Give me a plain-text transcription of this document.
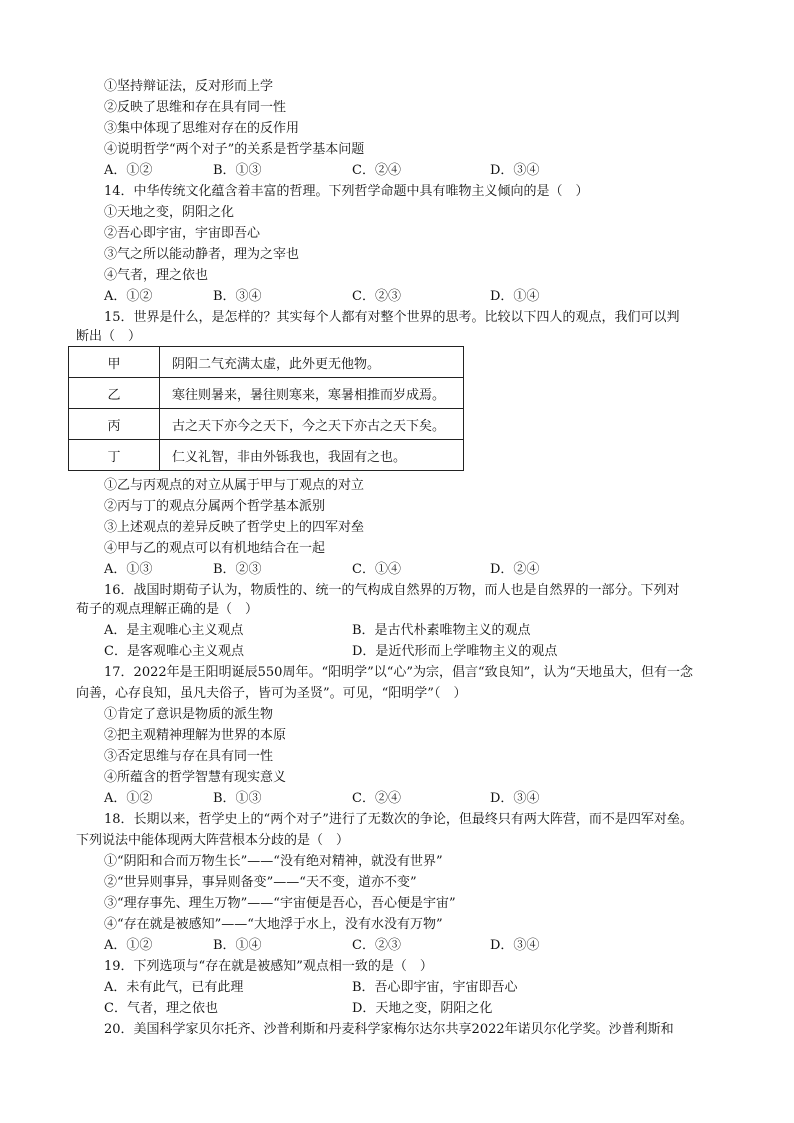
①坚持辩证法，反对形而上学
②反映了思维和存在具有同一性
③集中体现了思维对存在的反作用
④说明哲学“两个对子”的关系是哲学基本问题
A．①②	B．①③	C．②④	D．③④
14．中华传统文化蕴含着丰富的哲理。下列哲学命题中具有唯物主义倾向的是（　）
①天地之变，阴阳之化
②吾心即宇宙，宇宙即吾心
③气之所以能动静者，理为之宰也
④气者，理之依也
A．①②	B．③④	C．②③	D．①④
15．世界是什么，是怎样的？其实每个人都有对整个世界的思考。比较以下四人的观点，我们可以判
断出（　）
甲	阴阳二气充满太虚，此外更无他物。
乙	寒往则暑来，暑往则寒来，寒暑相推而岁成焉。
丙	古之天下亦今之天下，今之天下亦古之天下矣。
丁	仁义礼智，非由外铄我也，我固有之也。
①乙与丙观点的对立从属于甲与丁观点的对立
②丙与丁的观点分属两个哲学基本派别
③上述观点的差异反映了哲学史上的四军对垒
④甲与乙的观点可以有机地结合在一起
A．①③	B．②③	C．①④	D．②④
16．战国时期荀子认为，物质性的、统一的气构成自然界的万物，而人也是自然界的一部分。下列对
荀子的观点理解正确的是（　）
A．是主观唯心主义观点	B．是古代朴素唯物主义的观点
C．是客观唯心主义观点	D．是近代形而上学唯物主义的观点
17．2022年是王阳明诞辰550周年。“阳明学”以“心”为宗，倡言“致良知”，认为“天地虽大，但有一念
向善，心存良知，虽凡夫俗子，皆可为圣贤”。可见，“阳明学”（　）
①肯定了意识是物质的派生物
②把主观精神理解为世界的本原
③否定思维与存在具有同一性
④所蕴含的哲学智慧有现实意义
A．①②	B．①③	C．②④	D．③④
18．长期以来，哲学史上的“两个对子”进行了无数次的争论，但最终只有两大阵营，而不是四军对垒。
下列说法中能体现两大阵营根本分歧的是（　）
①“阴阳和合而万物生长”——“没有绝对精神，就没有世界”
②“世异则事异，事异则备变”——“天不变，道亦不变”
③“理存事先、理生万物”——“宇宙便是吾心，吾心便是宇宙”
④“存在就是被感知”——“大地浮于水上，没有水没有万物”
A．①②	B．①④	C．②③	D．③④
19．下列选项与“存在就是被感知”观点相一致的是（　）
A．未有此气，已有此理	B．吾心即宇宙，宇宙即吾心
C．气者，理之依也	D．天地之变，阴阳之化
20．美国科学家贝尔托齐、沙普利斯和丹麦科学家梅尔达尔共享2022年诺贝尔化学奖。沙普利斯和
